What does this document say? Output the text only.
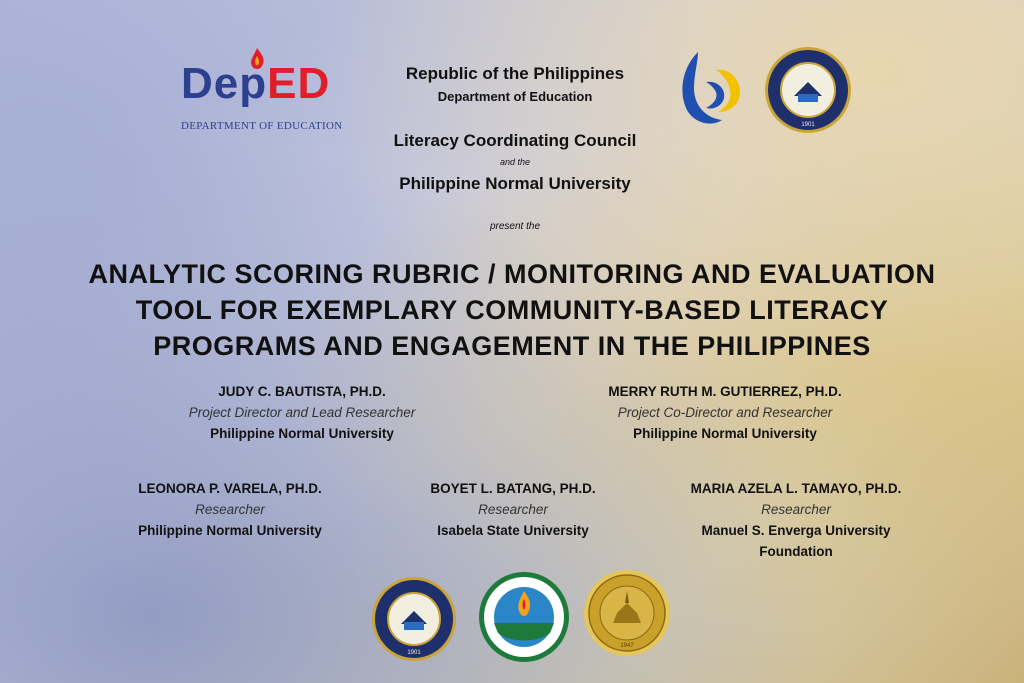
DepED
DEPARTMENT OF EDUCATION
Republic of the Philippines
Department of Education
Literacy Coordinating Council
and the
Philippine Normal University
present the
1901
ANALYTIC SCORING RUBRIC / MONITORING AND EVALUATION TOOL FOR EXEMPLARY COMMUNITY-BASED LITERACY PROGRAMS AND ENGAGEMENT IN THE PHILIPPINES
JUDY C. BAUTISTA, PH.D.
Project Director and Lead Researcher
Philippine Normal University
MERRY RUTH M. GUTIERREZ, PH.D.
Project Co-Director and Researcher
Philippine Normal University
LEONORA P. VARELA, PH.D.
Researcher
Philippine Normal University
BOYET L. BATANG, PH.D.
Researcher
Isabela State University
MARIA AZELA L. TAMAYO, PH.D.
Researcher
Manuel S. Enverga University Foundation
1901	1978
1947
